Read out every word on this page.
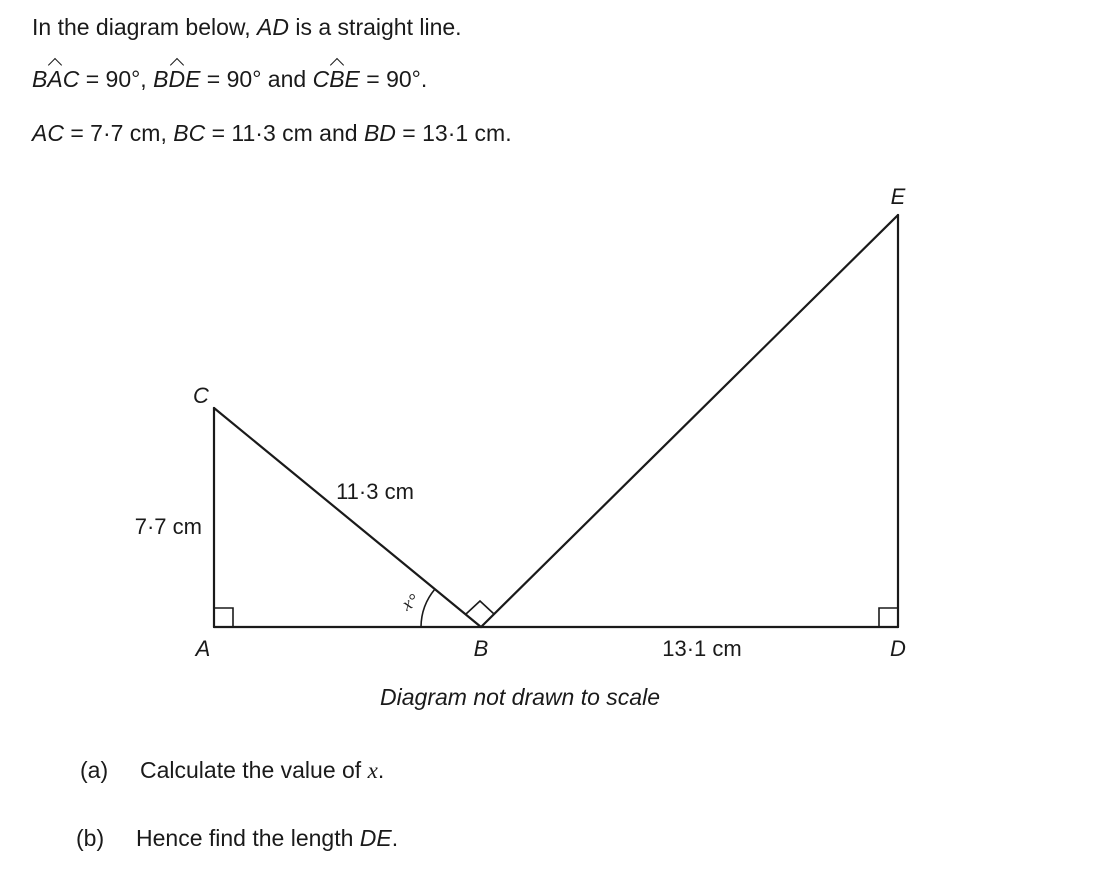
In the diagram below, AD is a straight line.
BAC = 90°, BDE = 90° and CBE = 90°.
AC = 7·7 cm, BC = 11·3 cm and BD = 13·1 cm.
C
A	B	D
E
7·7 cm
11·3 cm
13·1 cm
x°
Diagram not drawn to scale
(a) Calculate the value of x.
(b) Hence find the length DE.
